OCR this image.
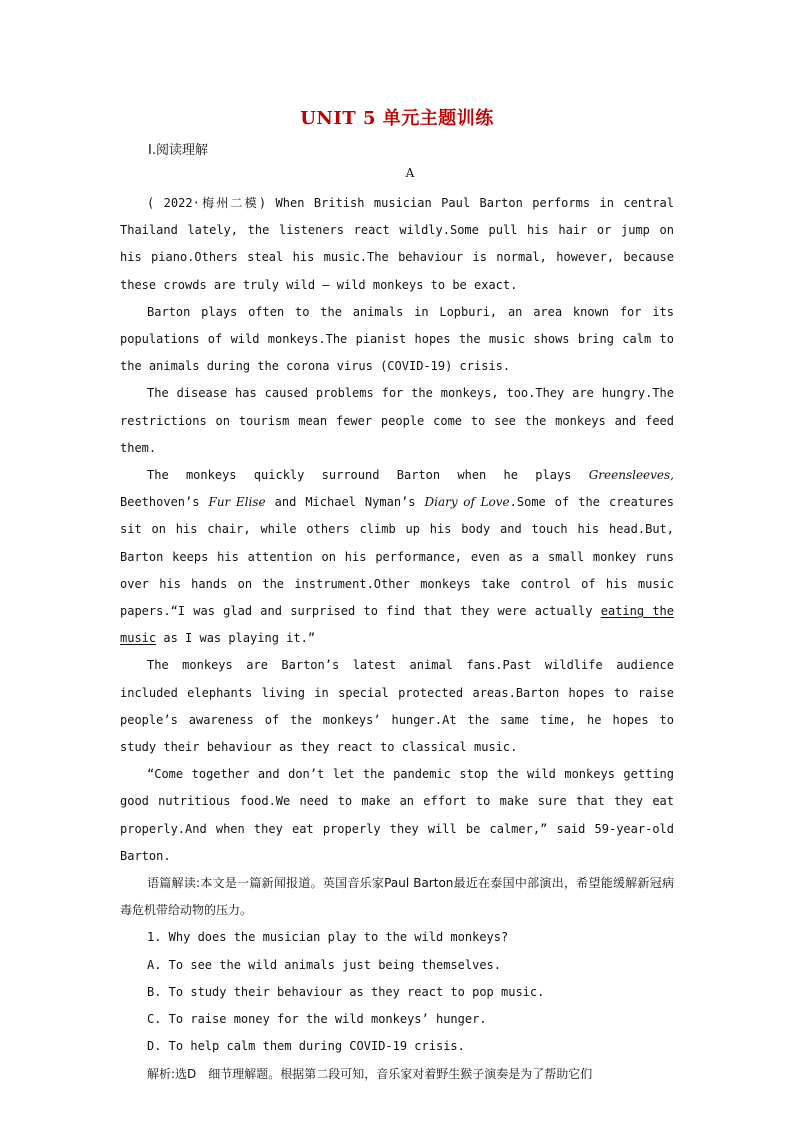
UNIT 5 单元主题训练
Ⅰ.阅读理解
A

( 2022·梅州二模) When British musician Paul Barton performs in central Thailand lately, the listeners react wildly.Some pull his hair or jump on his piano.Others steal his music.The behaviour is normal, however, because these crowds are truly wild — wild monkeys to be exact.

Barton plays often to the animals in Lopburi, an area known for its populations of wild monkeys.The pianist hopes the music shows bring calm to the animals during the corona virus (COVID-19) crisis.

The disease has caused problems for the monkeys, too.They are hungry.The restrictions on tourism mean fewer people come to see the monkeys and feed them.

The monkeys quickly surround Barton when he plays Greensleeves, Beethoven’s Fur Elise and Michael Nyman’s Diary of Love.Some of the creatures sit on his chair, while others climb up his body and touch his head.But, Barton keeps his attention on his performance, even as a small monkey runs over his hands on the instrument.Other monkeys take control of his music papers.“I was glad and surprised to find that they were actually eating the music as I was playing it.”

The monkeys are Barton’s latest animal fans.Past wildlife audience included elephants living in special protected areas.Barton hopes to raise people’s awareness of the monkeys’ hunger.At the same time, he hopes to study their behaviour as they react to classical music.

“Come together and don’t let the pandemic stop the wild monkeys getting good nutritious food.We need to make an effort to make sure that they eat properly.And when they eat properly they will be calmer,” said 59-year-old Barton.

语篇解读:本文是一篇新闻报道。英国音乐家Paul Barton最近在泰国中部演出，希望能缓解新冠病毒危机带给动物的压力。

1. Why does the musician play to the wild monkeys?

A. To see the wild animals just being themselves.

B. To study their behaviour as they react to pop music.

C. To raise money for the wild monkeys’ hunger.

D. To help calm them during COVID-19 crisis.

解析:选D　细节理解题。根据第二段可知，音乐家对着野生猴子演奏是为了帮助它们
